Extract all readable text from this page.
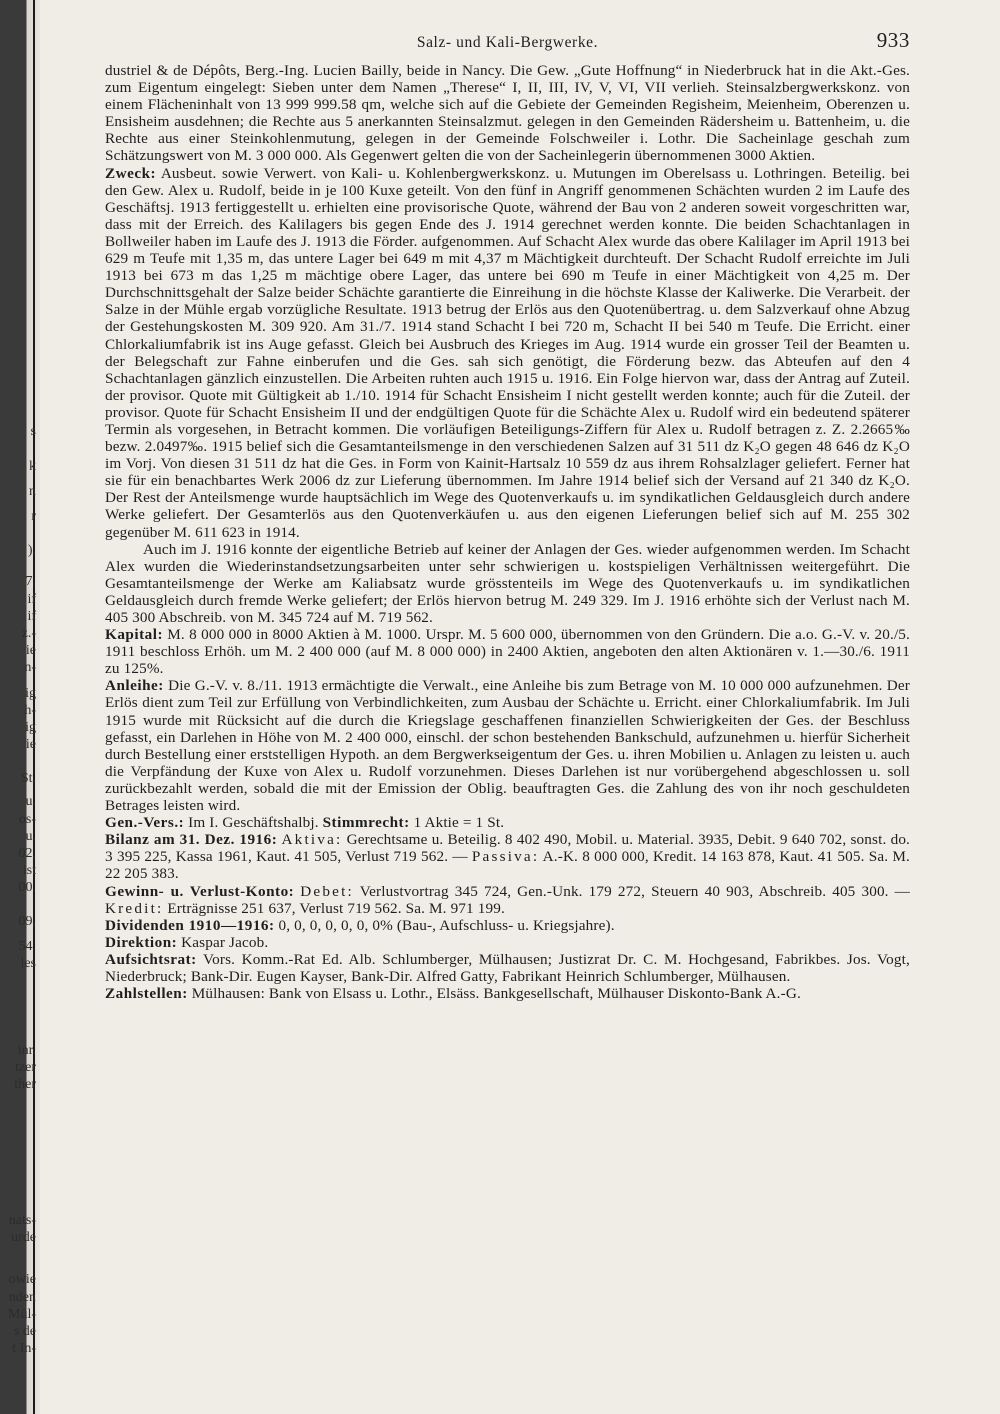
s
k
n
r
).
7.
if
if
z.-
ie
n-
ig
h-
ig
ie
St.
u.
os-
u.
02,
ist
00.
09,
54.
les
inr.
tzer
ther
nats-
urde
owie
nden
Mül-
s de
t In-
Salz- und Kali-Bergwerke.	933

dustriel & de Dépôts, Berg.-Ing. Lucien Bailly, beide in Nancy. Die Gew. „Gute Hoffnung“ in Niederbruck hat in die Akt.-Ges. zum Eigentum eingelegt: Sieben unter dem Namen „Therese“ I, II, III, IV, V, VI, VII verlieh. Steinsalzbergwerkskonz. von einem Flächeninhalt von 13 999 999.58 qm, welche sich auf die Gebiete der Gemeinden Regisheim, Meienheim, Oberenzen u. Ensisheim ausdehnen; die Rechte aus 5 anerkannten Steinsalzmut. gelegen in den Gemeinden Rädersheim u. Battenheim, u. die Rechte aus einer Steinkohlenmutung, gelegen in der Gemeinde Folschweiler i. Lothr. Die Sacheinlage geschah zum Schätzungswert von M. 3 000 000. Als Gegenwert gelten die von der Sacheinlegerin übernommenen 3000 Aktien.

Zweck: Ausbeut. sowie Verwert. von Kali- u. Kohlenbergwerkskonz. u. Mutungen im Oberelsass u. Lothringen. Beteilig. bei den Gew. Alex u. Rudolf, beide in je 100 Kuxe geteilt. Von den fünf in Angriff genommenen Schächten wurden 2 im Laufe des Geschäftsj. 1913 fertiggestellt u. erhielten eine provisorische Quote, während der Bau von 2 anderen soweit vorgeschritten war, dass mit der Erreich. des Kalilagers bis gegen Ende des J. 1914 gerechnet werden konnte. Die beiden Schachtanlagen in Bollweiler haben im Laufe des J. 1913 die Förder. aufgenommen. Auf Schacht Alex wurde das obere Kalilager im April 1913 bei 629 m Teufe mit 1,35 m, das untere Lager bei 649 m mit 4,37 m Mächtigkeit durchteuft. Der Schacht Rudolf erreichte im Juli 1913 bei 673 m das 1,25 m mächtige obere Lager, das untere bei 690 m Teufe in einer Mächtigkeit von 4,25 m. Der Durchschnittsgehalt der Salze beider Schächte garantierte die Einreihung in die höchste Klasse der Kaliwerke. Die Verarbeit. der Salze in der Mühle ergab vorzügliche Resultate. 1913 betrug der Erlös aus den Quotenübertrag. u. dem Salzverkauf ohne Abzug der Gestehungskosten M. 309 920. Am 31./7. 1914 stand Schacht I bei 720 m, Schacht II bei 540 m Teufe. Die Erricht. einer Chlorkaliumfabrik ist ins Auge gefasst. Gleich bei Ausbruch des Krieges im Aug. 1914 wurde ein grosser Teil der Beamten u. der Belegschaft zur Fahne einberufen und die Ges. sah sich genötigt, die Förderung bezw. das Abteufen auf den 4 Schachtanlagen gänzlich einzustellen. Die Arbeiten ruhten auch 1915 u. 1916. Ein Folge hiervon war, dass der Antrag auf Zuteil. der provisor. Quote mit Gültigkeit ab 1./10. 1914 für Schacht Ensisheim I nicht gestellt werden konnte; auch für die Zuteil. der provisor. Quote für Schacht Ensisheim II und der endgültigen Quote für die Schächte Alex u. Rudolf wird ein bedeutend späterer Termin als vorgesehen, in Betracht kommen. Die vorläufigen Beteiligungs-Ziffern für Alex u. Rudolf betragen z. Z. 2.2665‰ bezw. 2.0497‰. 1915 belief sich die Gesamtanteilsmenge in den verschiedenen Salzen auf 31 511 dz K₂O gegen 48 646 dz K₂O im Vorj. Von diesen 31 511 dz hat die Ges. in Form von Kainit-Hartsalz 10 559 dz aus ihrem Rohsalzlager geliefert. Ferner hat sie für ein benachbartes Werk 2006 dz zur Lieferung übernommen. Im Jahre 1914 belief sich der Versand auf 21 340 dz K₂O. Der Rest der Anteilsmenge wurde hauptsächlich im Wege des Quotenverkaufs u. im syndikatlichen Geldausgleich durch andere Werke geliefert. Der Gesamterlös aus den Quotenverkäufen u. aus den eigenen Lieferungen belief sich auf M. 255 302 gegenüber M. 611 623 in 1914.

Auch im J. 1916 konnte der eigentliche Betrieb auf keiner der Anlagen der Ges. wieder aufgenommen werden. Im Schacht Alex wurden die Wiederinstandsetzungsarbeiten unter sehr schwierigen u. kostspieligen Verhältnissen weitergeführt. Die Gesamtanteilsmenge der Werke am Kaliabsatz wurde grösstenteils im Wege des Quotenverkaufs u. im syndikatlichen Geldausgleich durch fremde Werke geliefert; der Erlös hiervon betrug M. 249 329. Im J. 1916 erhöhte sich der Verlust nach M. 405 300 Abschreib. von M. 345 724 auf M. 719 562.

Kapital: M. 8 000 000 in 8000 Aktien à M. 1000. Urspr. M. 5 600 000, übernommen von den Gründern. Die a.o. G.-V. v. 20./5. 1911 beschloss Erhöh. um M. 2 400 000 (auf M. 8 000 000) in 2400 Aktien, angeboten den alten Aktionären v. 1.—30./6. 1911 zu 125%.

Anleihe: Die G.-V. v. 8./11. 1913 ermächtigte die Verwalt., eine Anleihe bis zum Betrage von M. 10 000 000 aufzunehmen. Der Erlös dient zum Teil zur Erfüllung von Verbindlichkeiten, zum Ausbau der Schächte u. Erricht. einer Chlorkaliumfabrik. Im Juli 1915 wurde mit Rücksicht auf die durch die Kriegslage geschaffenen finanziellen Schwierigkeiten der Ges. der Beschluss gefasst, ein Darlehen in Höhe von M. 2 400 000, einschl. der schon bestehenden Bankschuld, aufzunehmen u. hierfür Sicherheit durch Bestellung einer erststelligen Hypoth. an dem Bergwerkseigentum der Ges. u. ihren Mobilien u. Anlagen zu leisten u. auch die Verpfändung der Kuxe von Alex u. Rudolf vorzunehmen. Dieses Darlehen ist nur vorübergehend abgeschlossen u. soll zurückbezahlt werden, sobald die mit der Emission der Oblig. beauftragten Ges. die Zahlung des von ihr noch geschuldeten Betrages leisten wird.

Gen.-Vers.: Im I. Geschäftshalbj. Stimmrecht: 1 Aktie = 1 St.

Bilanz am 31. Dez. 1916: Aktiva: Gerechtsame u. Beteilig. 8 402 490, Mobil. u. Material. 3935, Debit. 9 640 702, sonst. do. 3 395 225, Kassa 1961, Kaut. 41 505, Verlust 719 562. — Passiva: A.-K. 8 000 000, Kredit. 14 163 878, Kaut. 41 505. Sa. M. 22 205 383.

Gewinn- u. Verlust-Konto: Debet: Verlustvortrag 345 724, Gen.-Unk. 179 272, Steuern 40 903, Abschreib. 405 300. — Kredit: Erträgnisse 251 637, Verlust 719 562. Sa. M. 971 199.

Dividenden 1910—1916: 0, 0, 0, 0, 0, 0, 0% (Bau-, Aufschluss- u. Kriegsjahre).

Direktion: Kaspar Jacob.

Aufsichtsrat: Vors. Komm.-Rat Ed. Alb. Schlumberger, Mülhausen; Justizrat Dr. C. M. Hochgesand, Fabrikbes. Jos. Vogt, Niederbruck; Bank-Dir. Eugen Kayser, Bank-Dir. Alfred Gatty, Fabrikant Heinrich Schlumberger, Mülhausen.

Zahlstellen: Mülhausen: Bank von Elsass u. Lothr., Elsäss. Bankgesellschaft, Mülhauser Diskonto-Bank A.-G.
